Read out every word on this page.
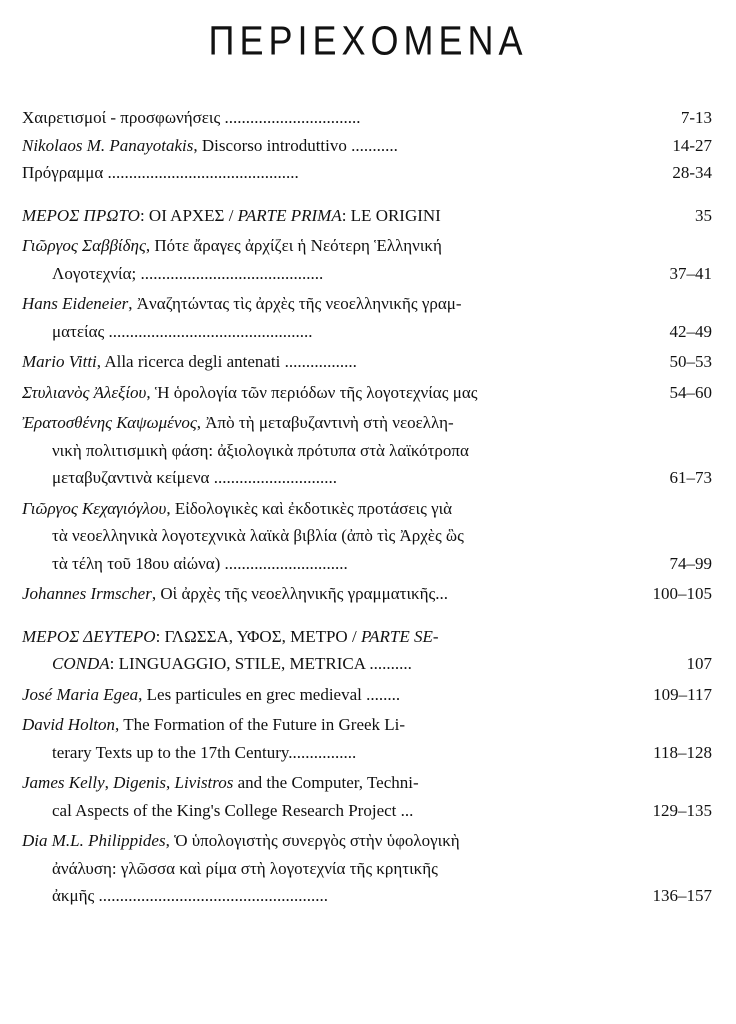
ΠΕΡΙΕΧΟΜΕΝΑ
Χαιρετισμοί - προσφωνήσεις ................................	7-13
Nikolaos M. Panayotakis, Discorso introduttivo ...........	14-27
Πρόγραμμα .............................................	28-34
ΜΕΡΟΣ ΠΡΩΤΟ: ΟΙ ΑΡΧΕΣ / PARTE PRIMA: LE ORIGINI	35
Γιῶργος Σαββίδης, Πότε ἄραγες ἀρχίζει ἡ Νεότερη Ἑλληνική
Λογοτεχνία; ...........................................	37–41
Hans Eideneier, Ἀναζητώντας τὶς ἀρχὲς τῆς νεοελληνικῆς γραμ-
ματείας ................................................	42–49
Mario Vitti, Alla ricerca degli antenati .................	50–53
Στυλιανὸς Ἀλεξίου, Ἡ ὁρολογία τῶν περιόδων τῆς λογοτεχνίας μας	54–60
Ἐρατοσθένης Καψωμένος, Ἀπὸ τὴ μεταβυζαντινὴ στὴ νεοελλη-
νικὴ πολιτισμικὴ φάση: ἀξιολογικὰ πρότυπα στὰ λαϊκότροπα
μεταβυζαντινὰ κείμενα .............................	61–73
Γιῶργος Κεχαγιόγλου, Εἰδολογικὲς καὶ ἐκδοτικὲς προτάσεις γιὰ
τὰ νεοελληνικὰ λογοτεχνικὰ λαϊκὰ βιβλία (ἀπὸ τὶς Ἀρχὲς ὣς
τὰ τέλη τοῦ 18ου αἰώνα) .............................	74–99
Johannes Irmscher, Οἱ ἀρχὲς τῆς νεοελληνικῆς γραμματικῆς...	100–105
ΜΕΡΟΣ ΔΕΥΤΕΡΟ: ΓΛΩΣΣΑ, ΥΦΟΣ, ΜΕΤΡΟ / PARTE SE-
CONDA: LINGUAGGIO, STILE, METRICA ..........	107
José Maria Egea, Les particules en grec medieval ........	109–117
David Holton, The Formation of the Future in Greek Li-
terary Texts up to the 17th Century................	118–128
James Kelly, Digenis, Livistros and the Computer, Techni-
cal Aspects of the King's College Research Project ...	129–135
Dia M.L. Philippides, Ὁ ὑπολογιστὴς συνεργὸς στὴν ὑφολογικὴ
ἀνάλυση: γλῶσσα καὶ ρίμα στὴ λογοτεχνία τῆς κρητικῆς
ἀκμῆς ......................................................	136–157
